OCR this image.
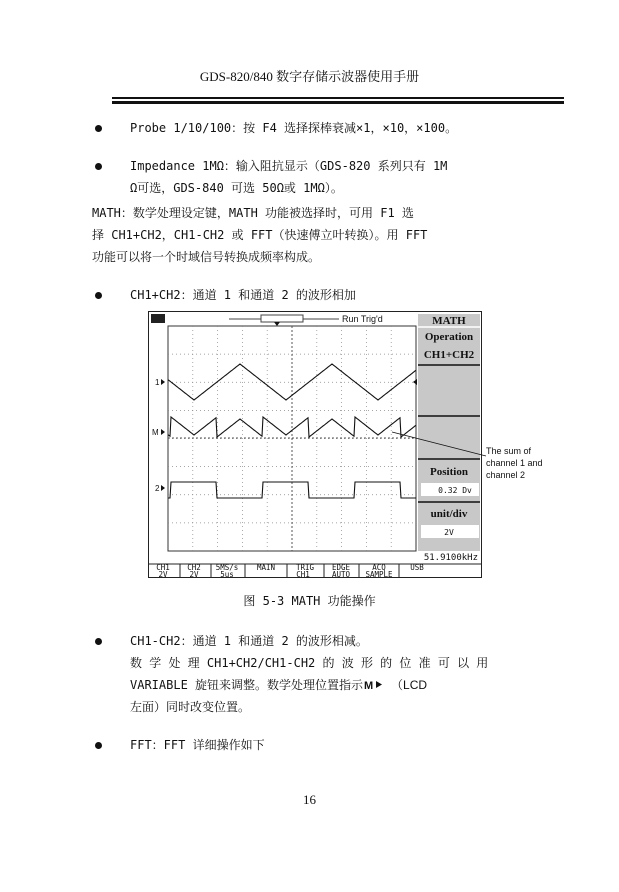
GDS-820/840 数字存储示波器使用手册
Probe 1/10/100：按 F4 选择探棒衰减×1，×10，×100。
Impedance 1MΩ：输入阻抗显示（GDS-820 系列只有 1M
Ω可选，GDS-840 可选 50Ω或 1MΩ）。
MATH：数学处理设定键，MATH 功能被选择时，可用 F1 选
择 CH1+CH2，CH1-CH2 或 FFT（快速傅立叶转换）。用 FFT
功能可以将一个时域信号转换成频率构成。
CH1+CH2：通道 1 和通道 2 的波形相加
Run Trig'd
1
M
2
MATH
Operation
CH1+CH2
Position
0.32 Dv
unit/div
2V
51.9100kHz
CH1
2V
CH2
2V
5MS/s
5us
MAIN	TRIG
CH1
EDGE
AUTO
ACQ
SAMPLE
USB
The sum of
channel 1 and
channel 2
图 5-3 MATH 功能操作
CH1-CH2：通道 1 和通道 2 的波形相减。
数 学 处 理 CH1+CH2/CH1-CH2 的 波 形 的 位 准 可 以 用
VARIABLE 旋钮来调整。数学处理位置指示 M （LCD
左面）同时改变位置。
FFT：FFT 详细操作如下
16
